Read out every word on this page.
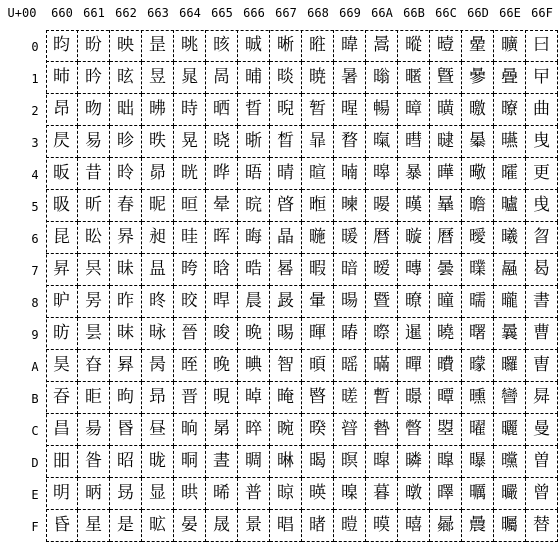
U+00	660 661 662 663 664 665 666 667 668 669 66A 66B 66C 66D 66E 66F
0
1
2
3
4
5
6
7
8
9
A
B
C
D
E
F
昀
昁
昂
昃
昄
昅
昆
昇
昈
昉
昊
昋
昌
昍
明
昏
昐
昑
昒
易
昔
昕
昖
昗
昘
昙
昚
昛
昜
昝
昞
星
映
昡
昢
昣
昤
春
昦
昧
昨
昩
昪
昫
昬
昭
昮
是
昰
昱
昲
昳
昴
昵
昶
昷
昸
昹
昺
昻
昼
昽
显
昿
晀
晁
時
晃
晄
晅
晆
晇
晈
晉
晊
晋
晌
晍
晎
晏
晐
晑
晒
晓
晔
晕
晖
晗
晘
晙
晚
晛
晜
晝
晞
晟
晠
晡
晢
晣
晤
晥
晦
晧
晨
晩
晪
晫
晬
晭
普
景
晰
晱
晲
晳
晴
晵
晶
晷
晸
晹
智
晻
晼
晽
晾
晿
暀
暁
暂
暃
暄
暅
暆
暇
暈
暉
暊
暋
暌
暍
暎
暏
暐
暑
暒
暓
暔
暕
暖
暗
暘
暙
暚
暛
暜
暝
暞
暟
暠
暡
暢
暣
暤
暥
暦
暧
暨
暩
暪
暫
暬
暭
暮
暯
暰
暱
暲
暳
暴
暵
暶
暷
暸
暹
暺
暻
暼
暽
暾
暿
曀
曁
曂
曃
曄
曅
曆
曇
曈
曉
曊
曋
曌
曍
曎
曏
曐
曑
曒
曓
曔
曕
曖
曗
曘
曙
曚
曛
曜
曝
曞
曟
曠
曡
曢
曣
曤
曥
曦
曧
曨
曩
曪
曫
曬
曭
曮
曯
曰
曱
曲
曳
更
曵
曶
曷
書
曹
曺
曻
曼
曽
曾
替
